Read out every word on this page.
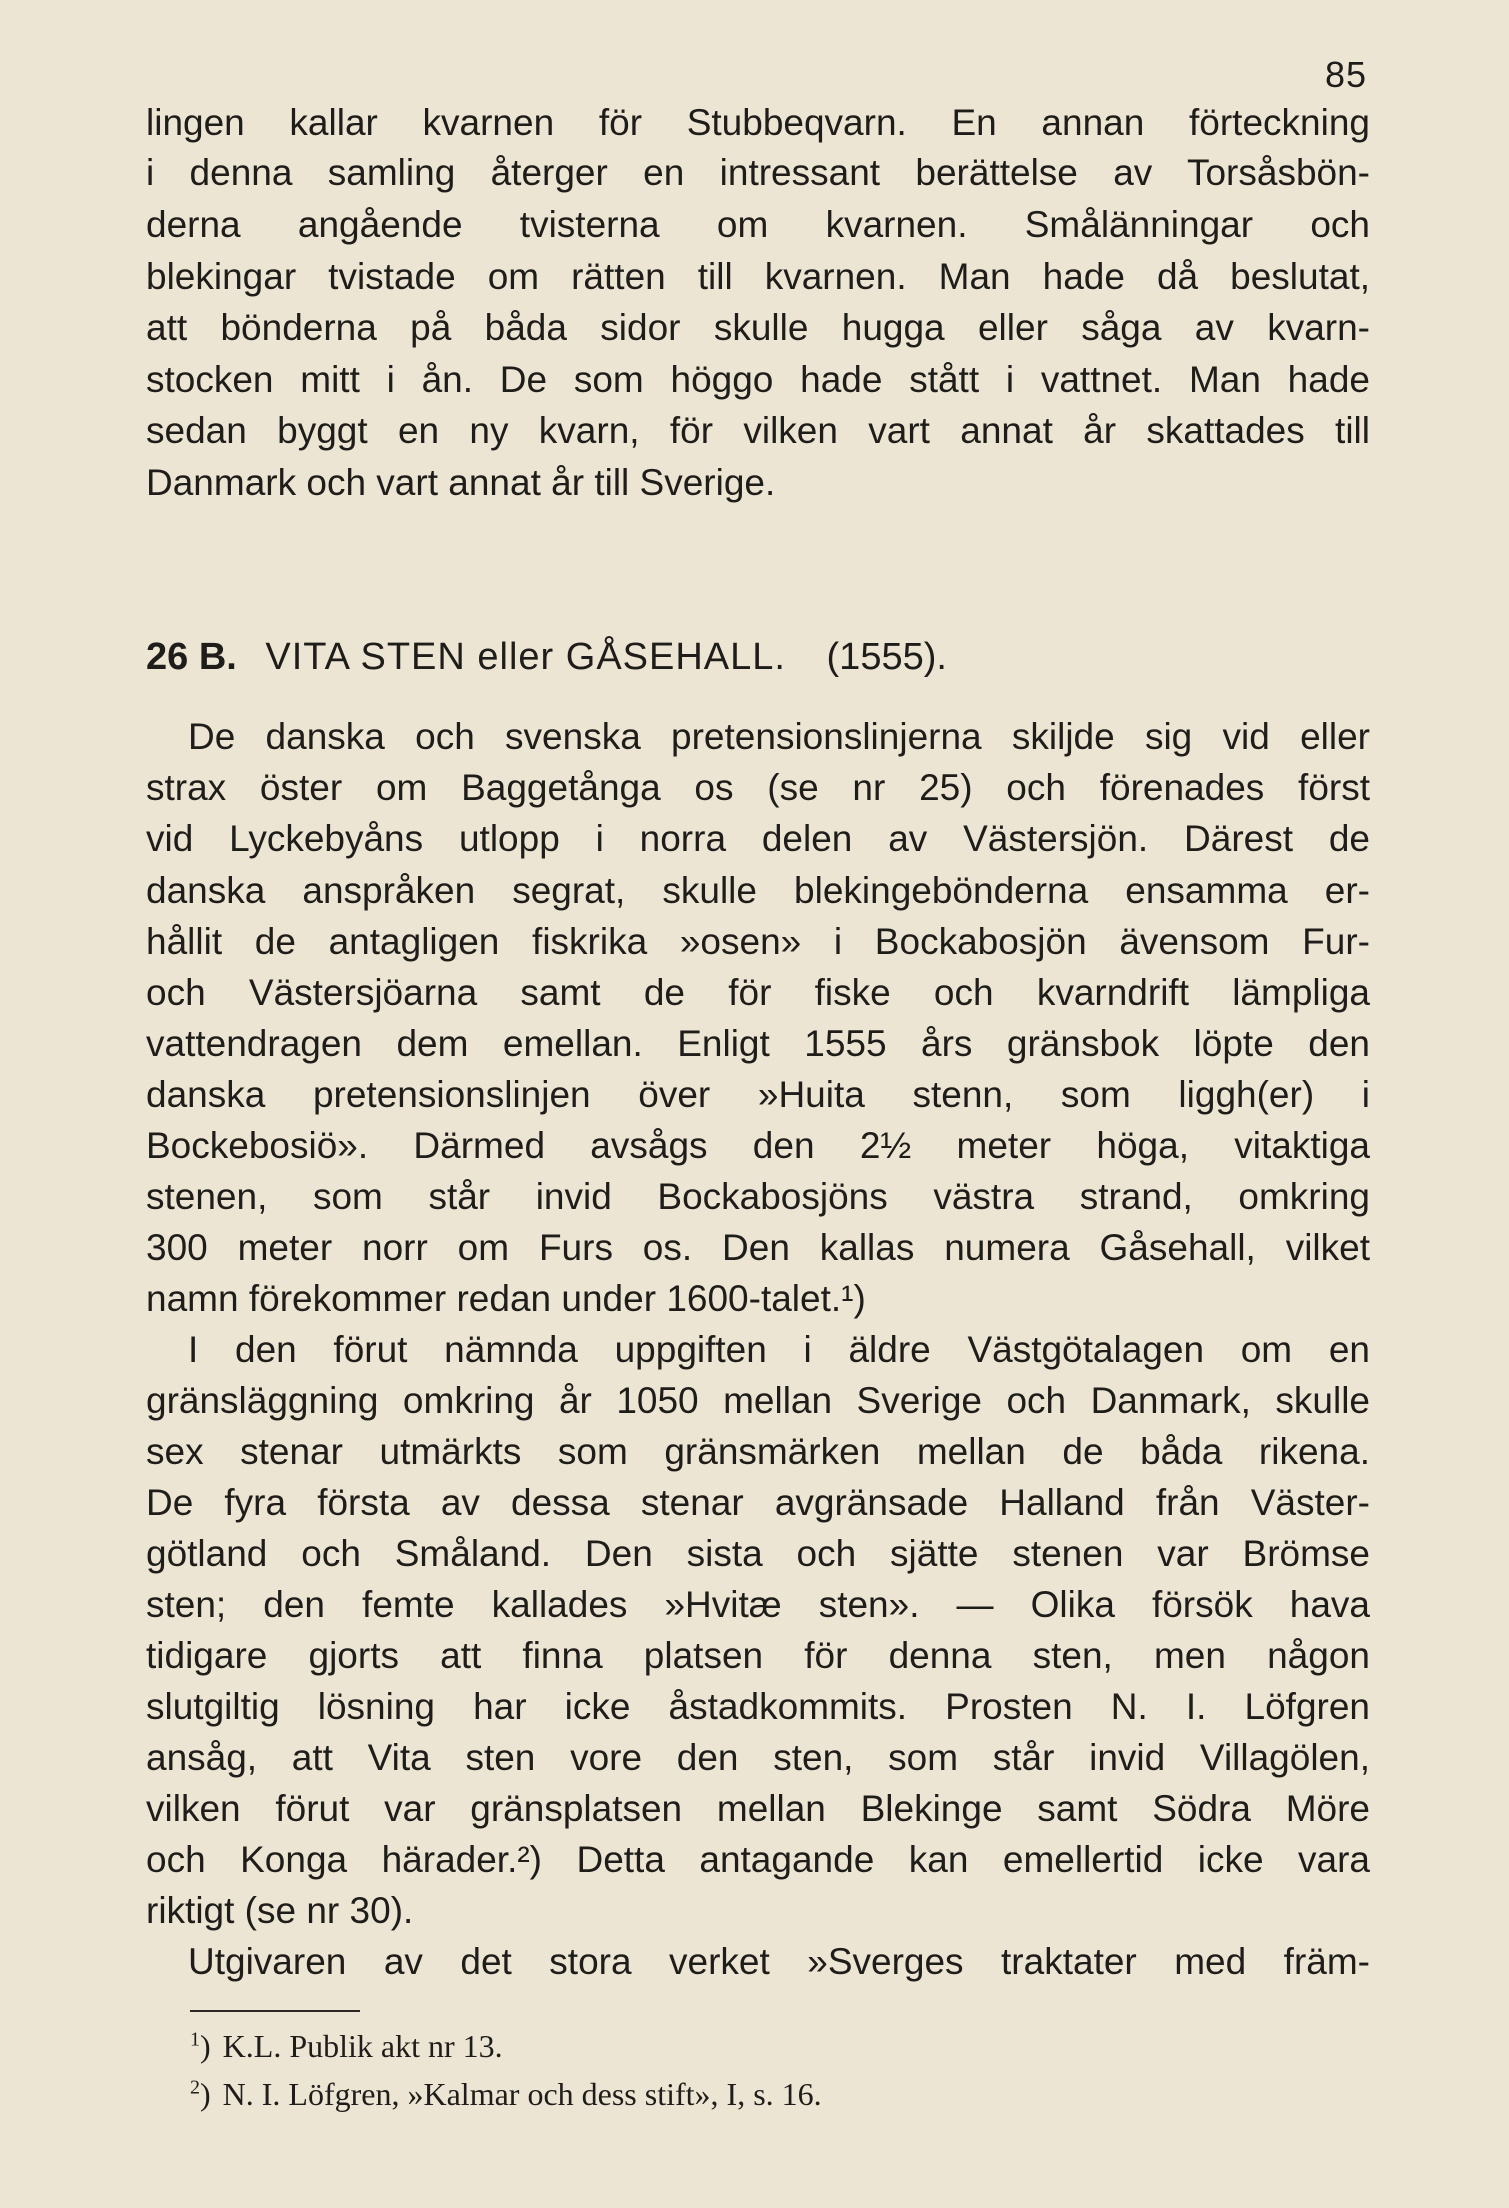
85
lingen kallar kvarnen för Stubbeqvarn. En annan förteckning
i denna samling återger en intressant berättelse av Torsåsbön-
derna angående tvisterna om kvarnen. Smålänningar och
blekingar tvistade om rätten till kvarnen. Man hade då beslutat,
att bönderna på båda sidor skulle hugga eller såga av kvarn-
stocken mitt i ån. De som höggo hade stått i vattnet. Man hade
sedan byggt en ny kvarn, för vilken vart annat år skattades till
Danmark och vart annat år till Sverige.
26 B. VITA STEN eller GÅSEHALL. (1555).
De danska och svenska pretensionslinjerna skiljde sig vid eller
strax öster om Baggetånga os (se nr 25) och förenades först
vid Lyckebyåns utlopp i norra delen av Västersjön. Därest de
danska anspråken segrat, skulle blekingebönderna ensamma er-
hållit de antagligen fiskrika »osen» i Bockabosjön ävensom Fur-
och Västersjöarna samt de för fiske och kvarndrift lämpliga
vattendragen dem emellan. Enligt 1555 års gränsbok löpte den
danska pretensionslinjen över »Huita stenn, som liggh(er) i
Bockebosiö». Därmed avsågs den 2½ meter höga, vitaktiga
stenen, som står invid Bockabosjöns västra strand, omkring
300 meter norr om Furs os. Den kallas numera Gåsehall, vilket
namn förekommer redan under 1600-talet.¹)
I den förut nämnda uppgiften i äldre Västgötalagen om en
gränsläggning omkring år 1050 mellan Sverige och Danmark, skulle
sex stenar utmärkts som gränsmärken mellan de båda rikena.
De fyra första av dessa stenar avgränsade Halland från Väster-
götland och Småland. Den sista och sjätte stenen var Brömse
sten; den femte kallades »Hvitæ sten». — Olika försök hava
tidigare gjorts att finna platsen för denna sten, men någon
slutgiltig lösning har icke åstadkommits. Prosten N. I. Löfgren
ansåg, att Vita sten vore den sten, som står invid Villagölen,
vilken förut var gränsplatsen mellan Blekinge samt Södra Möre
och Konga härader.²) Detta antagande kan emellertid icke vara
riktigt (se nr 30).
Utgivaren av det stora verket »Sverges traktater med främ-
$^1$) K.L. Publik akt nr 13.
$^2$) N. I. Löfgren, »Kalmar och dess stift», I, s. 16.
